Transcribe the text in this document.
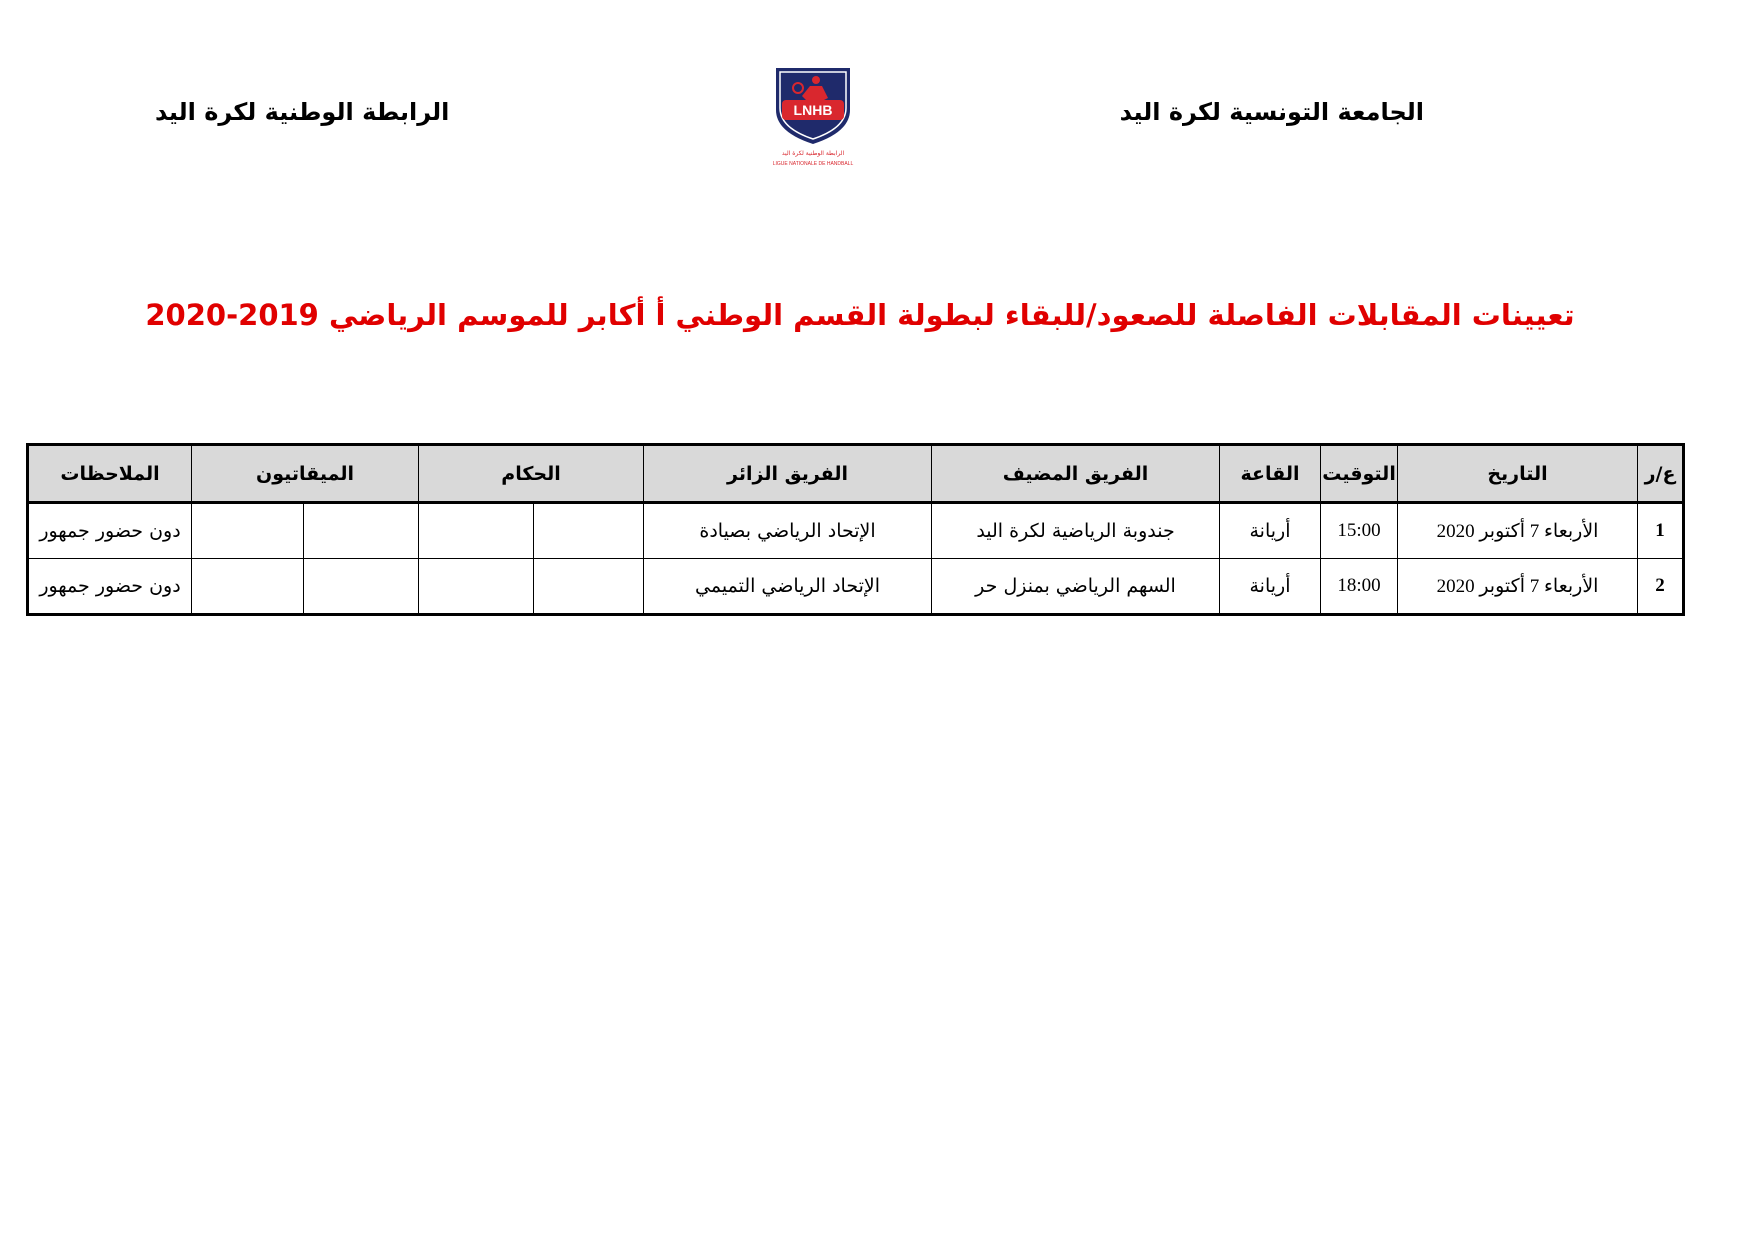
الجامعة التونسية لكرة اليد
LNHB
الرابطة الوطنية لكرة اليد
LIGUE NATIONALE DE HANDBALL
الرابطة الوطنية لكرة اليد
تعيينات المقابلات الفاصلة للصعود/للبقاء لبطولة القسم الوطني أ أكابر للموسم الرياضي 2019-2020
ع/ر	التاريخ	التوقيت	القاعة	الفريق المضيف	الفريق الزائر	الحكام		الميقاتيون		الملاحظات
1	الأربعاء 7 أكتوبر 2020	15:00	أريانة	جندوبة الرياضية لكرة اليد	الإتحاد الرياضي بصيادة					دون حضور جمهور
2	الأربعاء 7 أكتوبر 2020	18:00	أريانة	السهم الرياضي بمنزل حر	الإتحاد الرياضي التميمي					دون حضور جمهور
